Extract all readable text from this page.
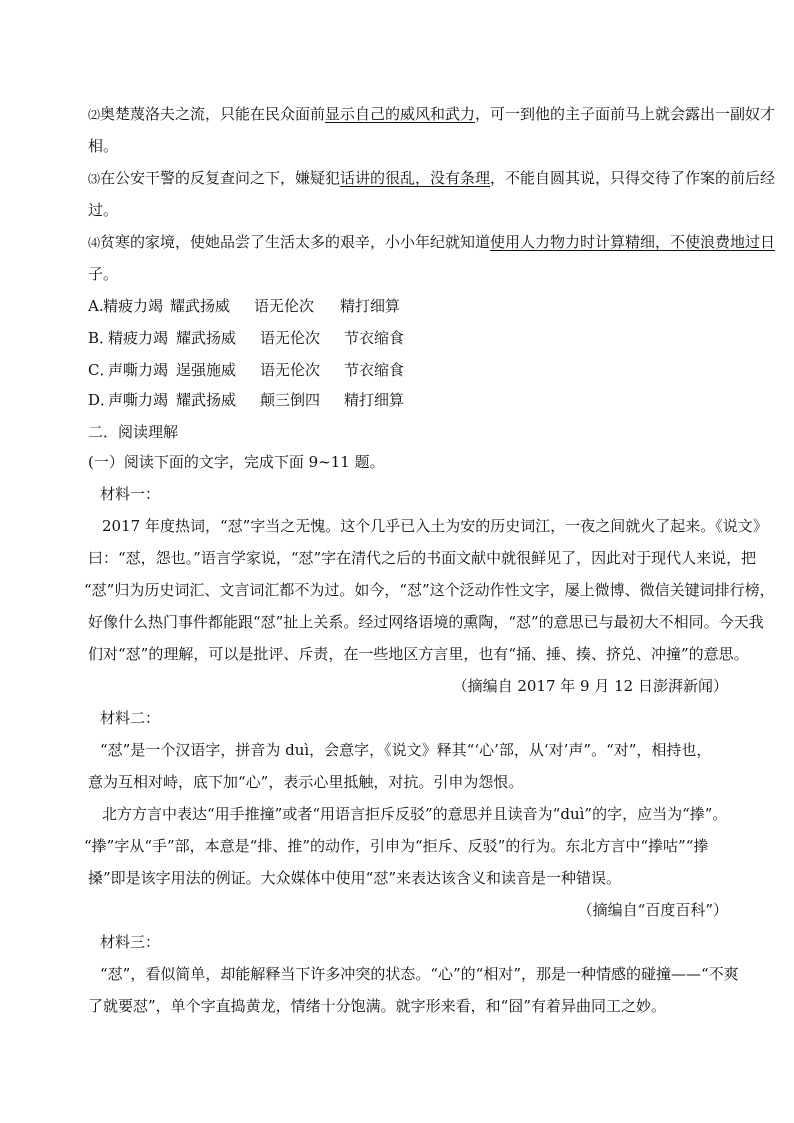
⑵奥楚蔑洛夫之流，只能在民众面前显示自己的威风和武力，可一到他的主子面前马上就会露出一副奴才
相。
⑶在公安干警的反复查问之下，嫌疑犯话讲的很乱，没有条理，不能自圆其说，只得交待了作案的前后经
过。
⑷贫寒的家境，使她品尝了生活太多的艰辛，小小年纪就知道使用人力物力时计算精细，不使浪费地过日
子。
A. 精疲力竭 耀武扬威 语无伦次 精打细算
B．
精疲力竭 耀武扬威 语无伦次 节衣缩食
C．
声嘶力竭 逞强施威 语无伦次 节衣缩食
D．
声嘶力竭 耀武扬威 颠三倒四 精打细算
二．阅读理解
(一）阅读下面的文字，完成下面 9~11 题。
材料一：
2017 年度热词，“怼”字当之无愧。这个几乎已入土为安的历史词江，一夜之间就火了起来。《说文》
曰：“怼，怨也。”语言学家说，“怼”字在清代之后的书面文献中就很鲜见了，因此对于现代人来说，把
“怼”归为历史词汇、文言词汇都不为过。如今，“怼”这个泛动作性文字，屡上微博、微信关键词排行榜，
好像什么热门事件都能跟“怼”扯上关系。经过网络语境的熏陶，“怼”的意思已与最初大不相同。今天我
们对“怼”的理解，可以是批评、斥责，在一些地区方言里，也有“捅、捶、揍、挤兑、冲撞”的意思。
（摘编自 2017 年 9 月 12 日澎湃新闻）
材料二：
“怼”是一个汉语字，拼音为 duì，会意字，《说文》释其“‘心’部，从‘对’声”。“对”，相持也，
意为互相对峙，底下加“心”，表示心里抵触，对抗。引申为怨恨。
北方方言中表达“用手推撞”或者“用语言拒斥反驳”的意思并且读音为“duì”的字，应当为“搼”。
“搼”字从“手”部，本意是“排、推”的动作，引申为“拒斥、反驳”的行为。东北方言中“搼咕”“搼
搡”即是该字用法的例证。大众媒体中使用“怼”来表达该含义和读音是一种错误。
（摘编自“百度百科”）
材料三：
“怼”，看似简单，却能解释当下许多冲突的状态。“心”的“相对”，那是一种情感的碰撞——“不爽
了就要怼”，单个字直捣黄龙，情绪十分饱满。就字形来看，和“囧”有着异曲同工之妙。
